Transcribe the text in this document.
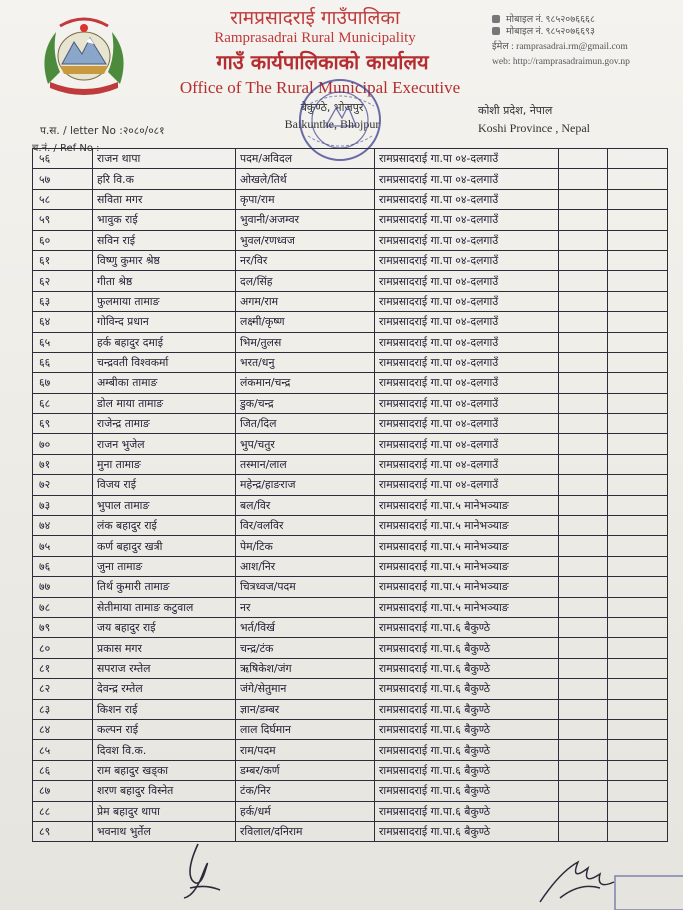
रामप्रसादराई गाउँपालिका
Ramprasadrai Rural Municipality
गाउँ कार्यपालिकाको कार्यालय
Office of The Rural Municipal Executive
बैकुण्ठे, भोजपुर
Baikunthe, Bhojpur
मोबाइल नं. ९८५२०७६६६८
मोबाइल नं. ९८५२०७६६९३
ईमेल : ramprasadrai.rm@gmail.com
web: http://ramprasadraimun.gov.np
कोशी प्रदेश, नेपाल
Koshi Province , Nepal
प.स. / letter No :२०८०/०८१
च.नं. / Ref No :
५६	राजन थापा	पदम/अविदल	रामप्रसादराई गा.पा ०४-दलगाउँ		
५७	हरि वि.क	ओखले/तिर्थ	रामप्रसादराई गा.पा ०४-दलगाउँ		
५८	सविता मगर	कृपा/राम	रामप्रसादराई गा.पा ०४-दलगाउँ		
५९	भावुक राई	भुवानी/अजम्वर	रामप्रसादराई गा.पा ०४-दलगाउँ		
६०	सविन राई	भुवल/रणध्वज	रामप्रसादराई गा.पा ०४-दलगाउँ		
६१	विष्णु कुमार श्रेष्ठ	नर/विर	रामप्रसादराई गा.पा ०४-दलगाउँ		
६२	गीता श्रेष्ठ	दल/सिंह	रामप्रसादराई गा.पा ०४-दलगाउँ		
६३	फुलमाया तामाङ	अगम/राम	रामप्रसादराई गा.पा ०४-दलगाउँ		
६४	गोविन्द प्रधान	लक्ष्मी/कृष्ण	रामप्रसादराई गा.पा ०४-दलगाउँ		
६५	हर्क बहादुर दमाई	भिम/तुलस	रामप्रसादराई गा.पा ०४-दलगाउँ		
६६	चन्द्रवती विश्वकर्मा	भरत/धनु	रामप्रसादराई गा.पा ०४-दलगाउँ		
६७	अम्बीका तामाङ	लंकमान/चन्द्र	रामप्रसादराई गा.पा ०४-दलगाउँ		
६८	डोल माया तामाङ	डुक/चन्द्र	रामप्रसादराई गा.पा ०४-दलगाउँ		
६९	राजेन्द्र तामाङ	जित/दिल	रामप्रसादराई गा.पा ०४-दलगाउँ		
७०	राजन भुजेल	भुप/चतुर	रामप्रसादराई गा.पा ०४-दलगाउँ		
७१	मुना तामाङ	तस्मान/लाल	रामप्रसादराई गा.पा ०४-दलगाउँ		
७२	विजय राई	महेन्द्र/हाङराज	रामप्रसादराई गा.पा ०४-दलगाउँ		
७३	भुपाल तामाङ	बल/विर	रामप्रसादराई गा.पा.५ मानेभञ्याङ		
७४	लंक बहादुर राई	विर/वलविर	रामप्रसादराई गा.पा.५ मानेभञ्याङ		
७५	कर्ण बहादुर खत्री	पेम/टिक	रामप्रसादराई गा.पा.५ मानेभञ्याङ		
७६	जुना तामाङ	आश/निर	रामप्रसादराई गा.पा.५ मानेभञ्याङ		
७७	तिर्थ कुमारी तामाङ	चित्रध्वज/पदम	रामप्रसादराई गा.पा.५ मानेभञ्याङ		
७८	सेतीमाया तामाङ कटुवाल	नर	रामप्रसादराई गा.पा.५ मानेभञ्याङ		
७९	जय बहादुर राई	भर्त/विर्ख	रामप्रसादराई गा.पा.६ बैकुण्ठे		
८०	प्रकास मगर	चन्द्र/टंक	रामप्रसादराई गा.पा.६ बैकुण्ठे		
८१	सपराज रम्तेल	ऋषिकेश/जंग	रामप्रसादराई गा.पा.६ बैकुण्ठे		
८२	देवन्द्र रम्तेल	जंगे/सेतुमान	रामप्रसादराई गा.पा.६ बैकुण्ठे		
८३	किशन राई	ज्ञान/डम्बर	रामप्रसादराई गा.पा.६ बैकुण्ठे		
८४	कल्पन राई	लाल दिर्घमान	रामप्रसादराई गा.पा.६ बैकुण्ठे		
८५	दिवश वि.क.	राम/पदम	रामप्रसादराई गा.पा.६ बैकुण्ठे		
८६	राम बहादुर खड्का	डम्बर/कर्ण	रामप्रसादराई गा.पा.६ बैकुण्ठे		
८७	शरण बहादुर विस्नेत	टंक/निर	रामप्रसादराई गा.पा.६ बैकुण्ठे		
८८	प्रेम बहादुर थापा	हर्क/धर्म	रामप्रसादराई गा.पा.६ बैकुण्ठे		
८९	भवनाथ भुर्तेल	रविलाल/दनिराम	रामप्रसादराई गा.पा.६ बैकुण्ठे		
